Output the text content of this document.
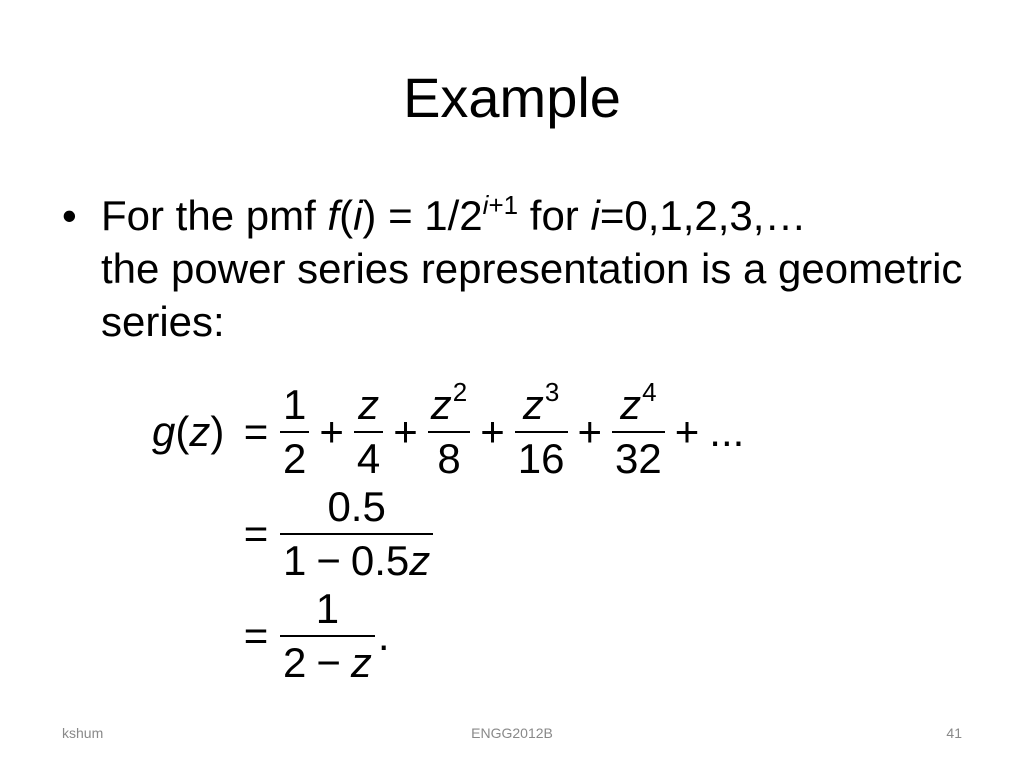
Example
• For the pmf $f(i) = 1/2^{i+1}$ for i=0,1,2,3,…
the power series representation is a geometric
series:
g ( z ) = $\frac{1}{2} + \frac{z}{4} + \frac{z^2}{8} + \frac{z^3}{16} + \frac{z^4}{32}$ + ...
= $\frac{0.5}{1 - 0.5z}$
= $\frac{1}{2 - z}$ .
kshum	ENGG2012B	41
